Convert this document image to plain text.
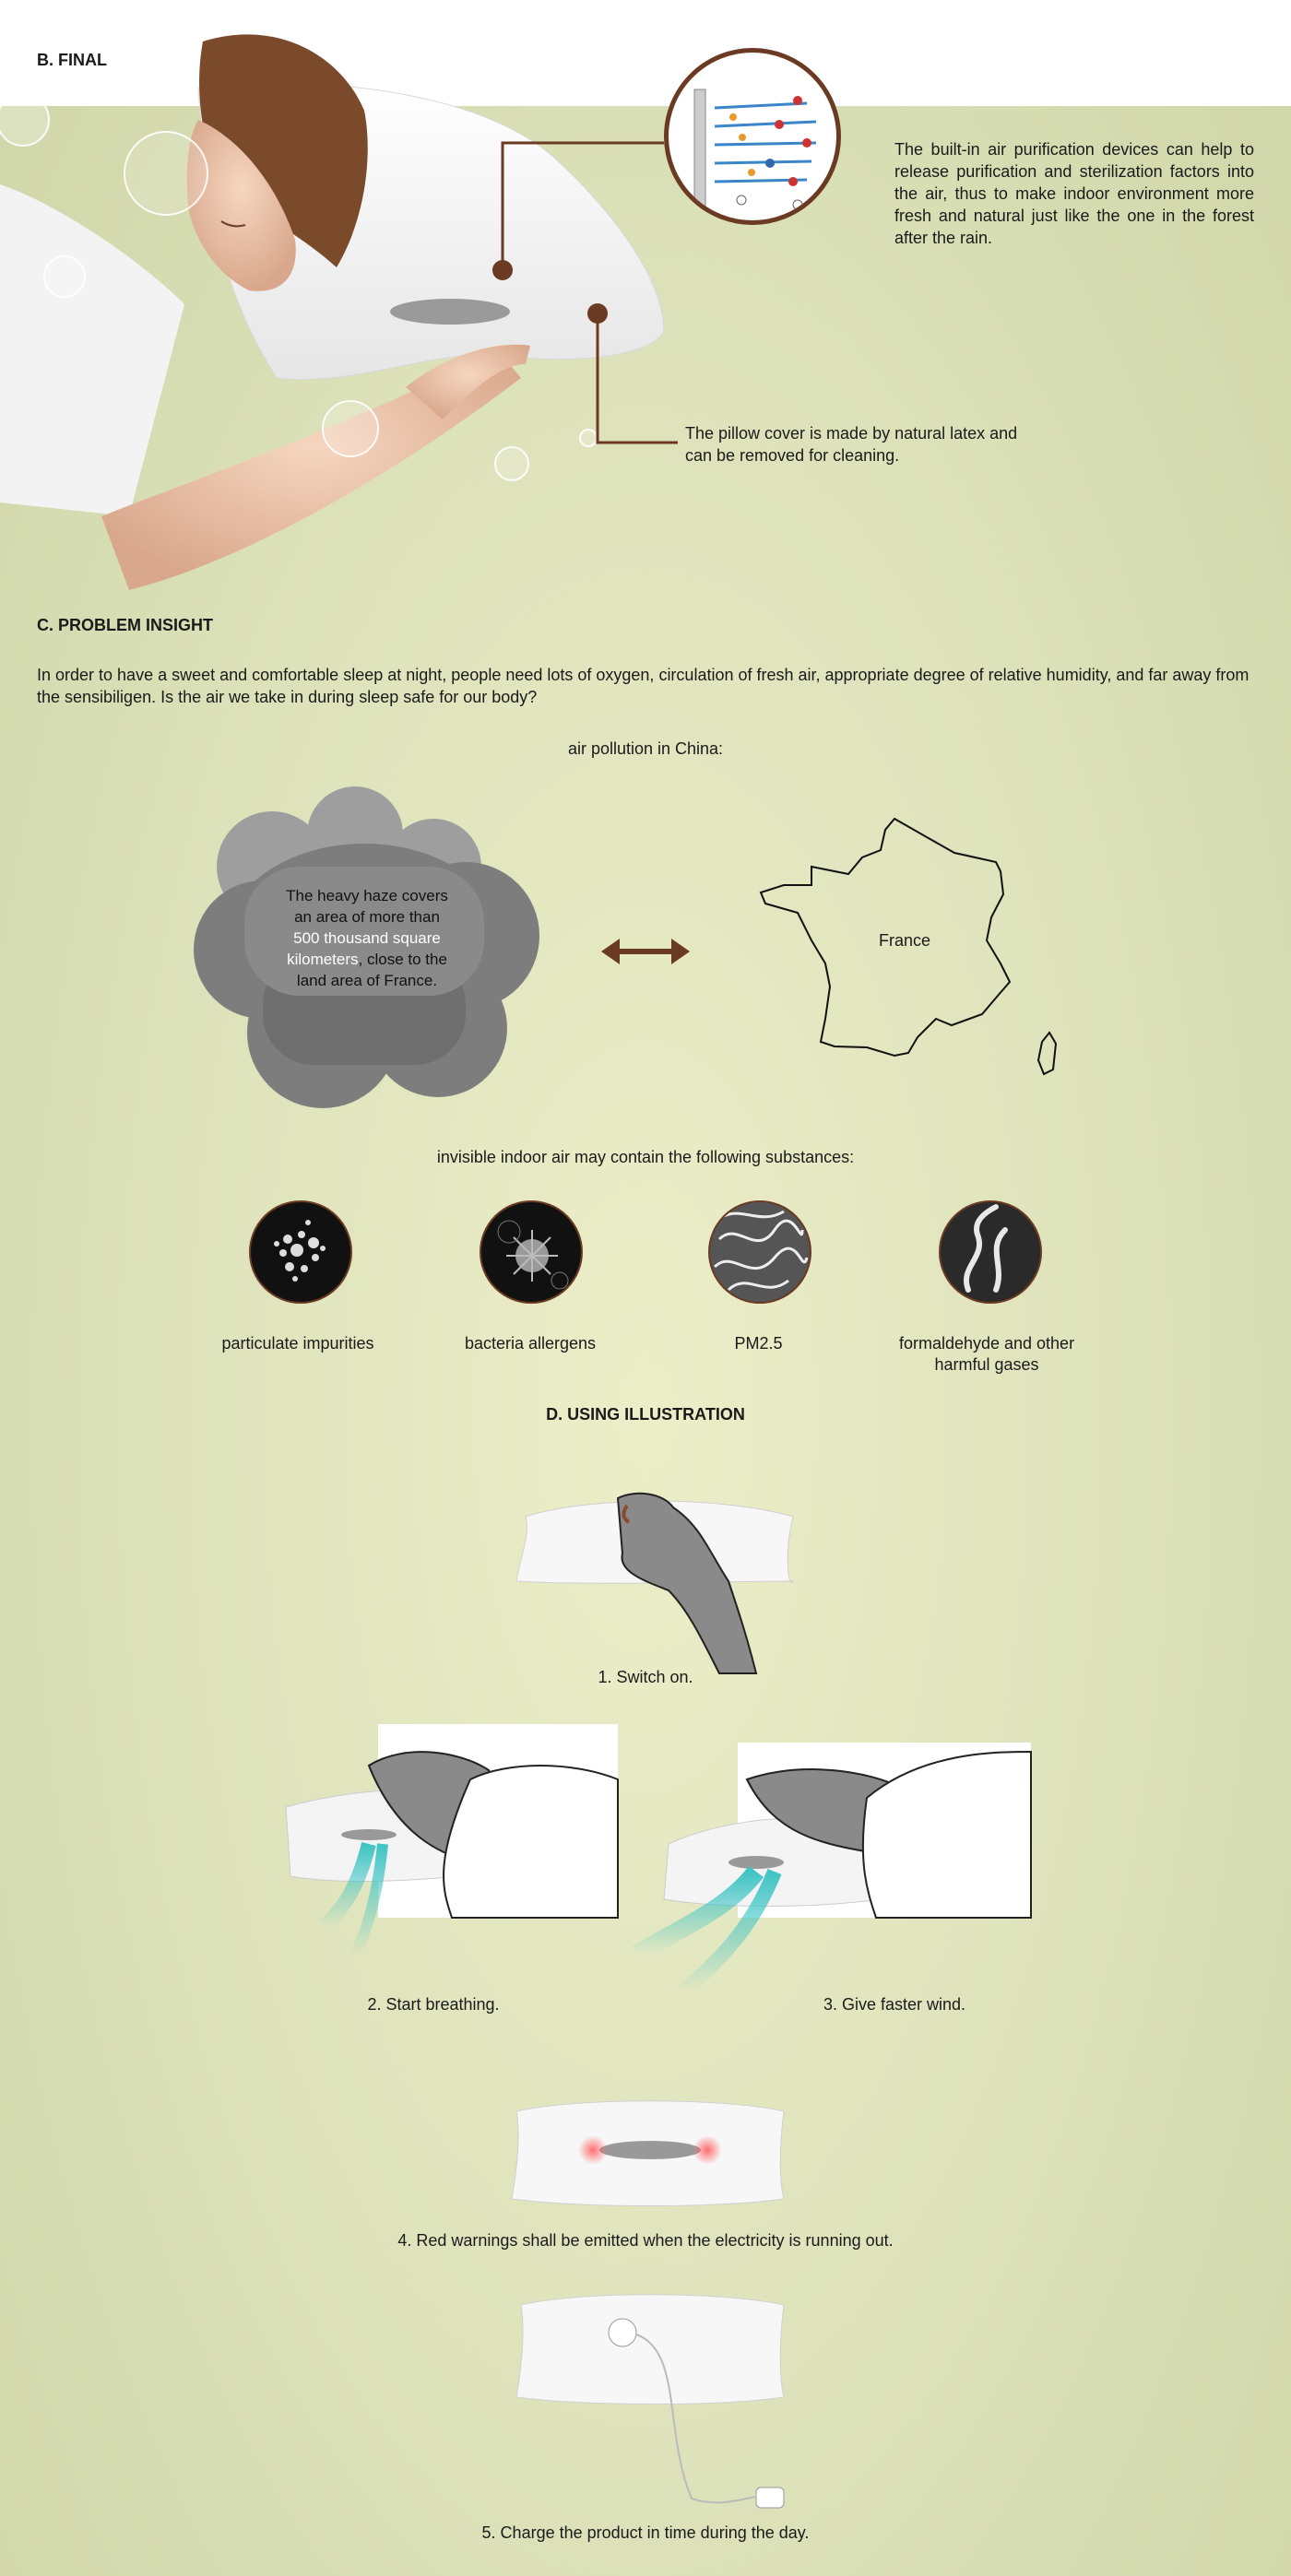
B. FINAL
The built-in air purification devices can help to release purification and sterilization factors into the air, thus to make indoor environment more fresh and natural just like the one in the forest after the rain.
The pillow cover is made by natural latex and can be removed for cleaning.
C. PROBLEM INSIGHT
In order to have a sweet and comfortable sleep at night, people need lots of oxygen, circulation of fresh air, appropriate degree of relative humidity, and far away from the sensibiligen. Is the air we take in during sleep safe for our body?
air pollution in China:
The heavy haze covers
an area of more than
500 thousand square
kilometers, close to the
land area of France.
France
invisible indoor air may contain the following substances:
particulate impurities	bacteria allergens	PM2.5	formaldehyde and other harmful gases
D. USING ILLUSTRATION
1. Switch on.
2. Start breathing.	3. Give faster wind.
4. Red warnings shall be emitted when the electricity is running out.
5. Charge the product in time during the day.
